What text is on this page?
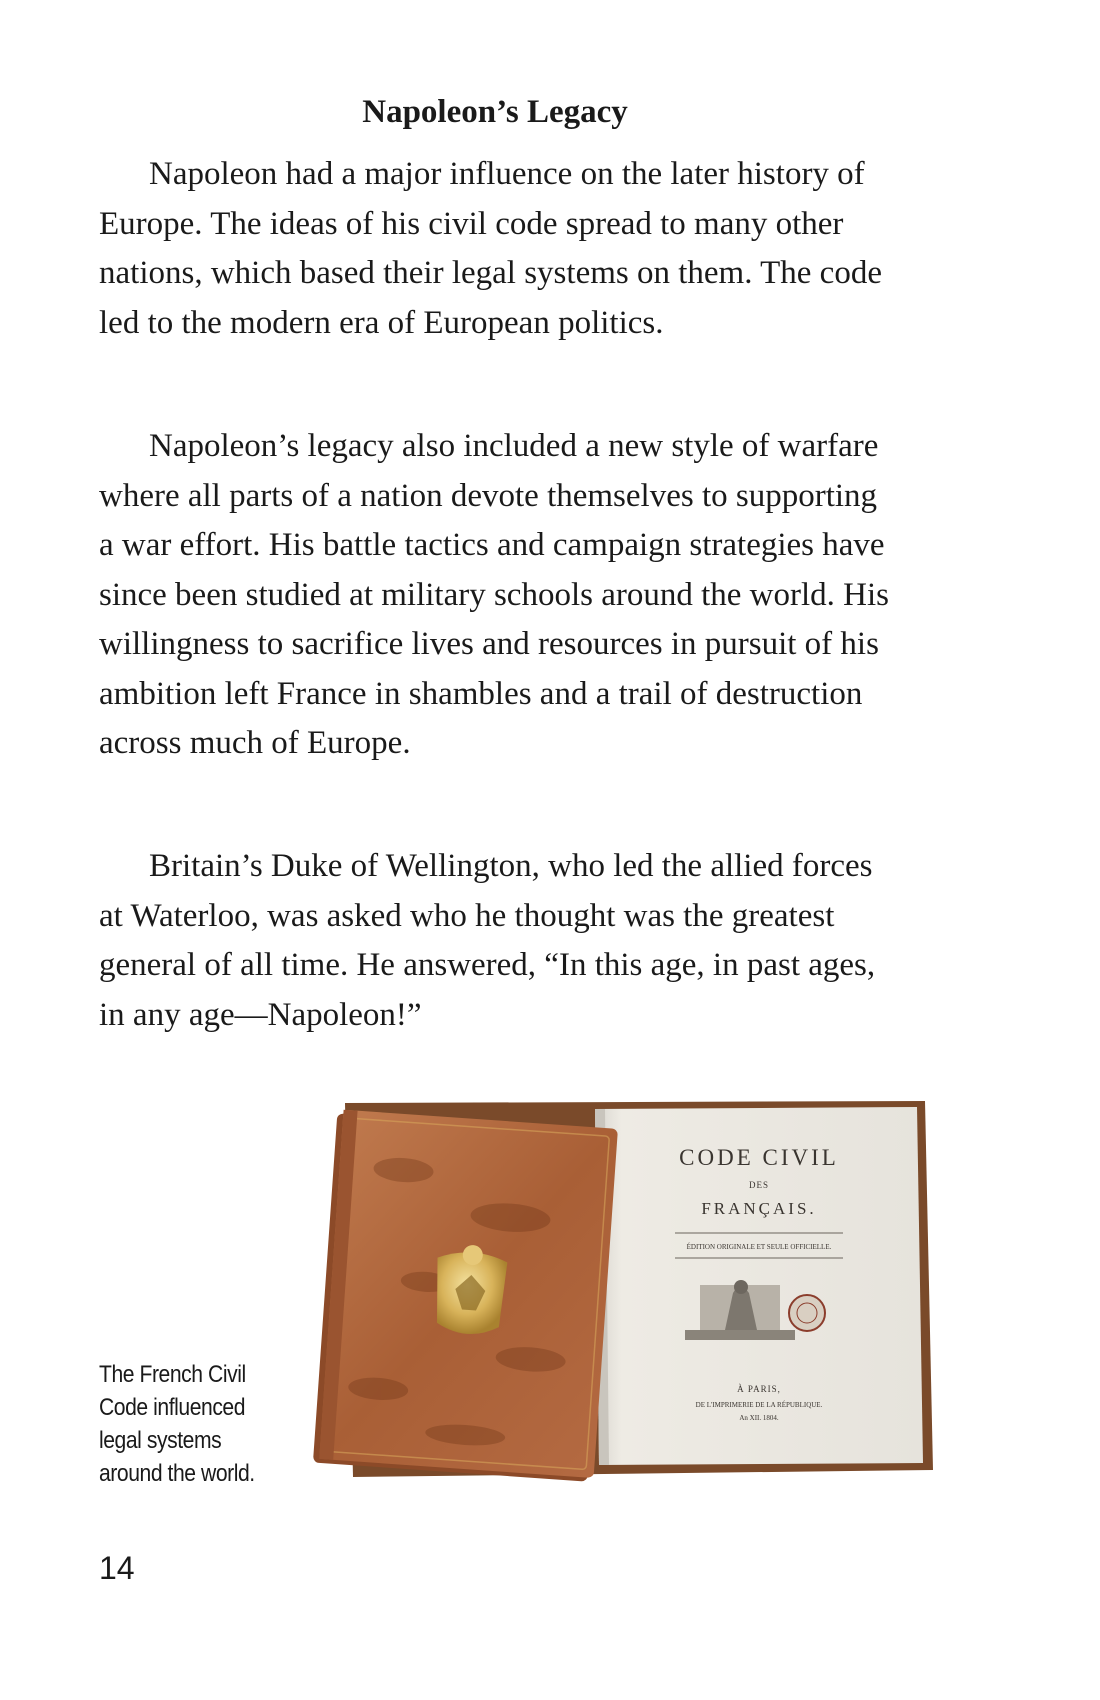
Napoleon’s Legacy

Napoleon had a major influence on the later history of Europe. The ideas of his civil code spread to many other nations, which based their legal systems on them. The code led to the modern era of European politics.

Napoleon’s legacy also included a new style of warfare where all parts of a nation devote themselves to supporting a war effort. His battle tactics and campaign strategies have since been studied at military schools around the world. His willingness to sacrifice lives and resources in pursuit of his ambition left France in shambles and a trail of destruction across much of Europe.

Britain’s Duke of Wellington, who led the allied forces at Waterloo, was asked who he thought was the greatest general of all time. He answered, “In this age, in past ages, in any age—Napoleon!”

CODE CIVIL
DES
FRANÇAIS.
ÉDITION ORIGINALE ET SEULE OFFICIELLE.
À PARIS,
DE L'IMPRIMERIE DE LA RÉPUBLIQUE.
An XII. 1804.

The French Civil Code influenced legal systems around the world.

14
